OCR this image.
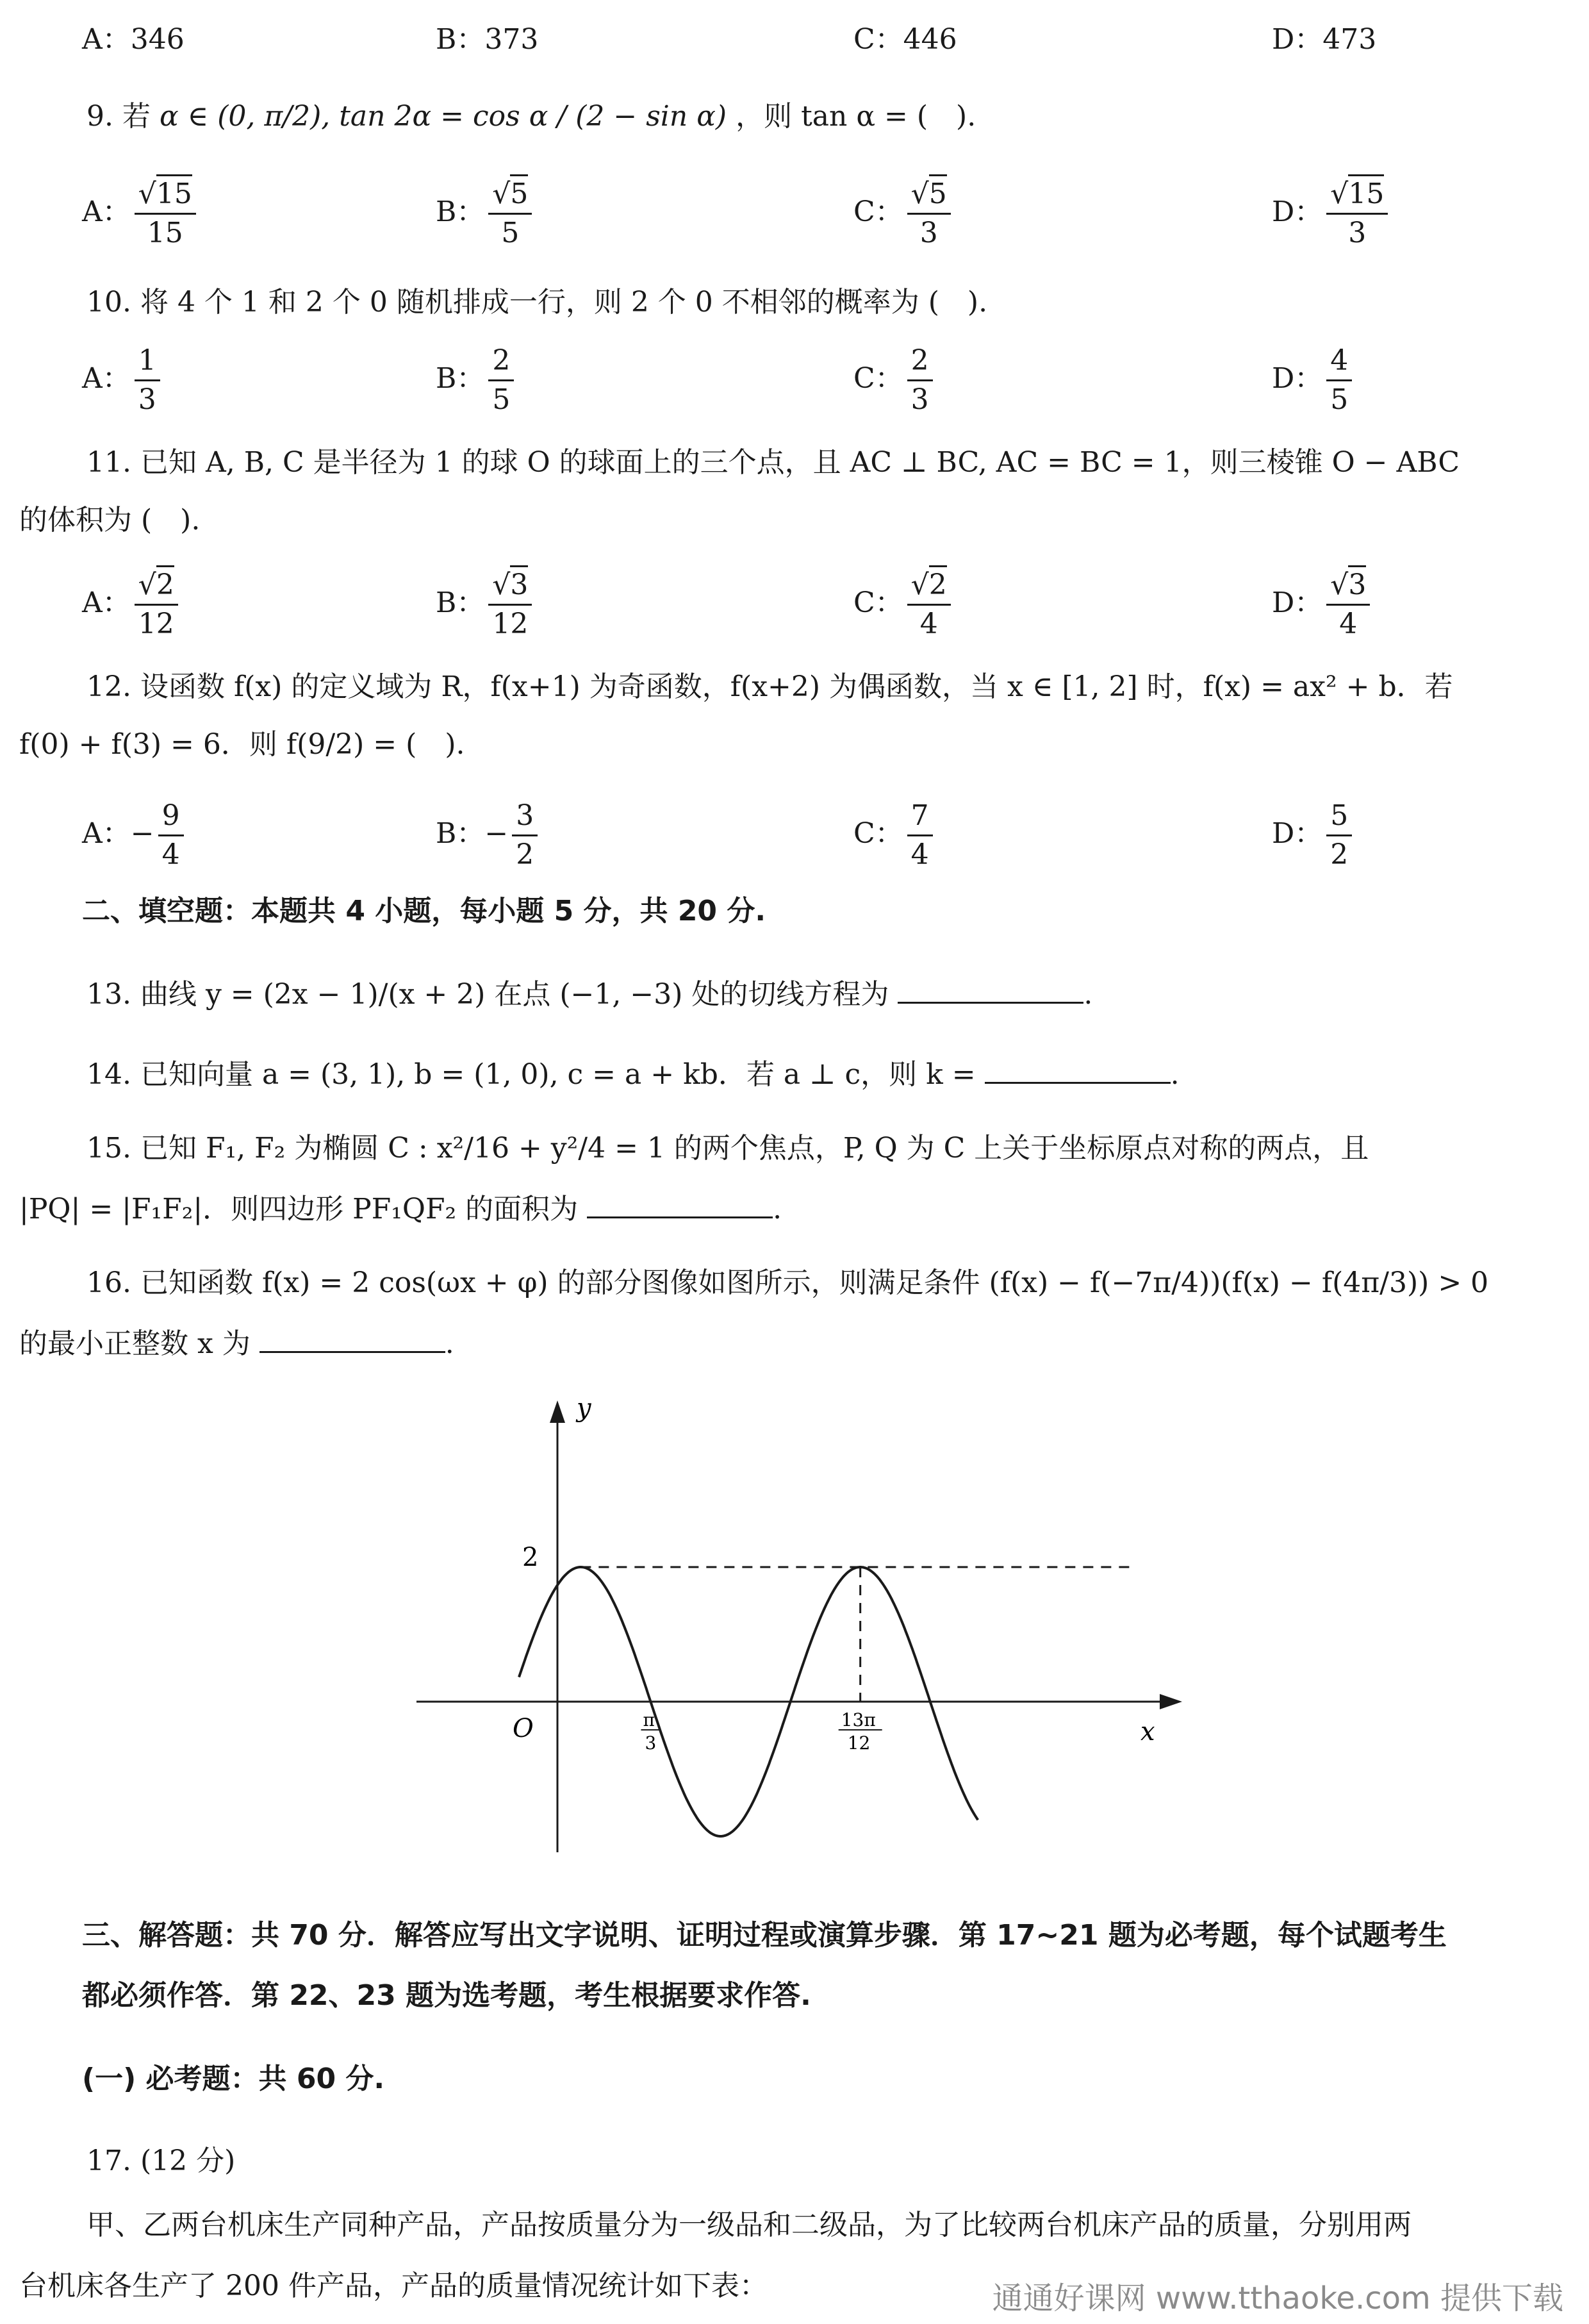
A：346	B：373	C：446	D：473
9. 若 α ∈ (0, π/2), tan 2α = cos α / (2 − sin α) ，则 tan α = (　).
A： $\frac{√15}{15}$	B： $\frac{√5}{5}$	C： $\frac{√5}{3}$	D： $\frac{√15}{3}$
10. 将 4 个 1 和 2 个 0 随机排成一行，则 2 个 0 不相邻的概率为 (　).
A： $\frac{1}{3}$	B： $\frac{2}{5}$	C： $\frac{2}{3}$	D： $\frac{4}{5}$
11. 已知 A, B, C 是半径为 1 的球 O 的球面上的三个点，且 AC ⊥ BC, AC = BC = 1，则三棱锥 O − ABC
的体积为 (　).
A： $\frac{√2}{12}$	B： $\frac{√3}{12}$	C： $\frac{√2}{4}$	D： $\frac{√3}{4}$
12. 设函数 f(x) 的定义域为 R，f(x+1) 为奇函数，f(x+2) 为偶函数，当 x ∈ [1, 2] 时，f(x) = ax² + b．若
f(0) + f(3) = 6．则 f(9/2) = (　).
A：− $\frac{9}{4}$	B：− $\frac{3}{2}$	C： $\frac{7}{4}$	D： $\frac{5}{2}$
二、填空题：本题共 4 小题，每小题 5 分，共 20 分.
13. 曲线 y = (2x − 1)/(x + 2) 在点 (−1, −3) 处的切线方程为	.
14. 已知向量 a = (3, 1), b = (1, 0), c = a + kb．若 a ⊥ c，则 k =	.
15. 已知 F₁, F₂ 为椭圆 C : x²/16 + y²/4 = 1 的两个焦点，P, Q 为 C 上关于坐标原点对称的两点，且
|PQ| = |F₁F₂|．则四边形 PF₁QF₂ 的面积为	.
16. 已知函数 f(x) = 2 cos(ωx + φ) 的部分图像如图所示，则满足条件 (f(x) − f(−7π/4))(f(x) − f(4π/3)) > 0
的最小正整数 x 为	.
y
x
O
2
π
3
13π
12
三、解答题：共 70 分．解答应写出文字说明、证明过程或演算步骤．第 17~21 题为必考题，每个试题考生
都必须作答．第 22、23 题为选考题，考生根据要求作答.
(一) 必考题：共 60 分.
17. (12 分)
甲、乙两台机床生产同种产品，产品按质量分为一级品和二级品，为了比较两台机床产品的质量，分别用两
台机床各生产了 200 件产品，产品的质量情况统计如下表：	通通好课网 www.tthaoke.com 提供下载
